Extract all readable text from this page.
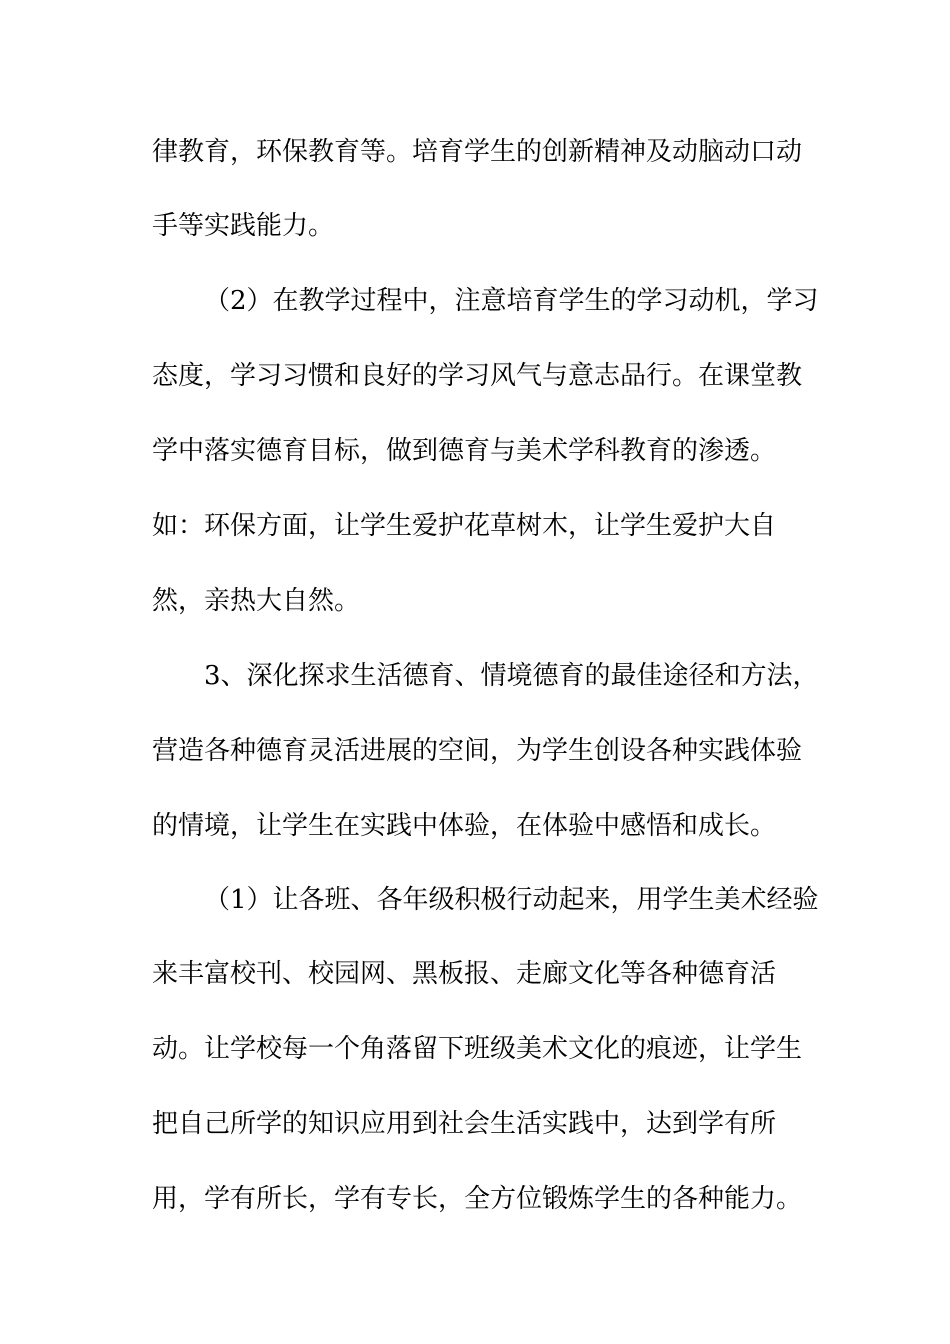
律教育，环保教育等。培育学生的创新精神及动脑动口动
手等实践能力。
（2）在教学过程中，注意培育学生的学习动机，学习
态度，学习习惯和良好的学习风气与意志品行。在课堂教
学中落实德育目标，做到德育与美术学科教育的渗透。
如：环保方面，让学生爱护花草树木，让学生爱护大自
然，亲热大自然。
3、深化探求生活德育、情境德育的最佳途径和方法，
营造各种德育灵活进展的空间，为学生创设各种实践体验
的情境，让学生在实践中体验，在体验中感悟和成长。
（1）让各班、各年级积极行动起来，用学生美术经验
来丰富校刊、校园网、黑板报、走廊文化等各种德育活
动。让学校每一个角落留下班级美术文化的痕迹，让学生
把自己所学的知识应用到社会生活实践中，达到学有所
用，学有所长，学有专长，全方位锻炼学生的各种能力。
